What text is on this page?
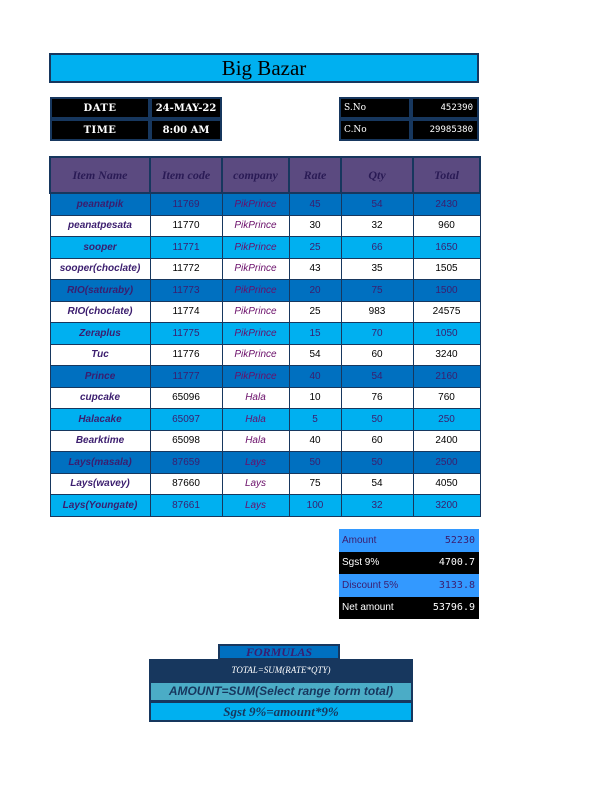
Big Bazar
DATE	24-MAY-22
TIME	8:00 AM
S.No	452390
C.No	29985380
Item Name	Item code	company	Rate	Qty	Total
peanatpik	11769	PikPrince	45	54	2430
peanatpesata	11770	PikPrince	30	32	960
sooper	11771	PikPrince	25	66	1650
sooper(choclate)	11772	PikPrince	43	35	1505
RIO(saturaby)	11773	PikPrince	20	75	1500
RIO(choclate)	11774	PikPrince	25	983	24575
Zeraplus	11775	PikPrince	15	70	1050
Tuc	11776	PikPrince	54	60	3240
Prince	11777	PikPrince	40	54	2160
cupcake	65096	Hala	10	76	760
Halacake	65097	Hala	5	50	250
Bearktime	65098	Hala	40	60	2400
Lays(masala)	87659	Lays	50	50	2500
Lays(wavey)	87660	Lays	75	54	4050
Lays(Youngate)	87661	Lays	100	32	3200
Amount	52230
Sgst 9%	4700.7
Discount 5%	3133.8
Net amount	53796.9
FORMULAS
TOTAL=SUM(RATE*QTY)
AMOUNT=SUM(Select range form total)
Sgst 9%=amount*9%
